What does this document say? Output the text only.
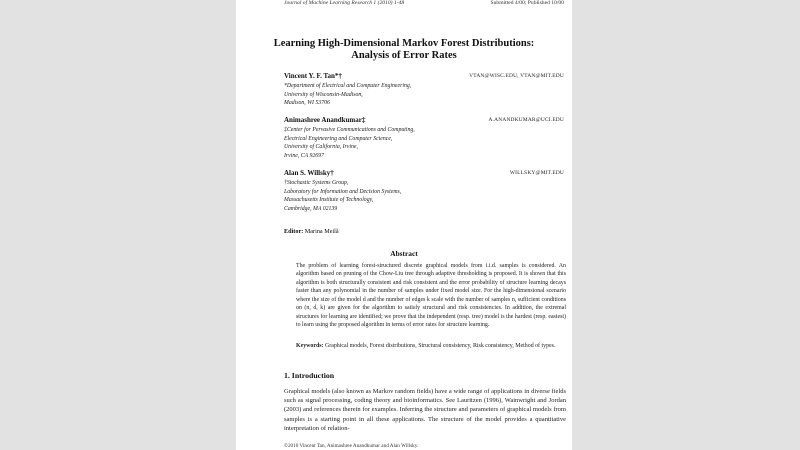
Journal of Machine Learning Research 1 (2010) 1-48	Submitted 4/00; Published 10/00
Learning High-Dimensional Markov Forest Distributions:
Analysis of Error Rates
Vincent Y. F. Tan*†	VTAN@WISC.EDU, VTAN@MIT.EDU
*Department of Electrical and Computer Engineering,
University of Wisconsin-Madison,
Madison, WI 53706
Animashree Anandkumar‡	A.ANANDKUMAR@UCI.EDU
‡Center for Pervasive Communications and Computing,
Electrical Engineering and Computer Science,
University of California, Irvine,
Irvine, CA 92697
Alan S. Willsky†	WILLSKY@MIT.EDU
†Stochastic Systems Group,
Laboratory for Information and Decision Systems,
Massachusetts Institute of Technology,
Cambridge, MA 02139
Editor: Marina Meilă
Abstract
The problem of learning forest-structured discrete graphical models from i.i.d. samples is considered. An algorithm based on pruning of the Chow-Liu tree through adaptive thresholding is proposed. It is shown that this algorithm is both structurally consistent and risk consistent and the error probability of structure learning decays faster than any polynomial in the number of samples under fixed model size. For the high-dimensional scenario where the size of the model d and the number of edges k scale with the number of samples n, sufficient conditions on (n, d, k) are given for the algorithm to satisfy structural and risk consistencies. In addition, the extremal structures for learning are identified; we prove that the independent (resp. tree) model is the hardest (resp. easiest) to learn using the proposed algorithm in terms of error rates for structure learning.
Keywords: Graphical models, Forest distributions, Structural consistency, Risk consistency, Method of types.
1. Introduction
Graphical models (also known as Markov random fields) have a wide range of applications in diverse fields such as signal processing, coding theory and bioinformatics. See Lauritzen (1996), Wainwright and Jordan (2003) and references therein for examples. Inferring the structure and parameters of graphical models from samples is a starting point in all these applications. The structure of the model provides a quantitative interpretation of relation-
©2010 Vincent Tan, Animashree Anandkumar and Alan Willsky.
